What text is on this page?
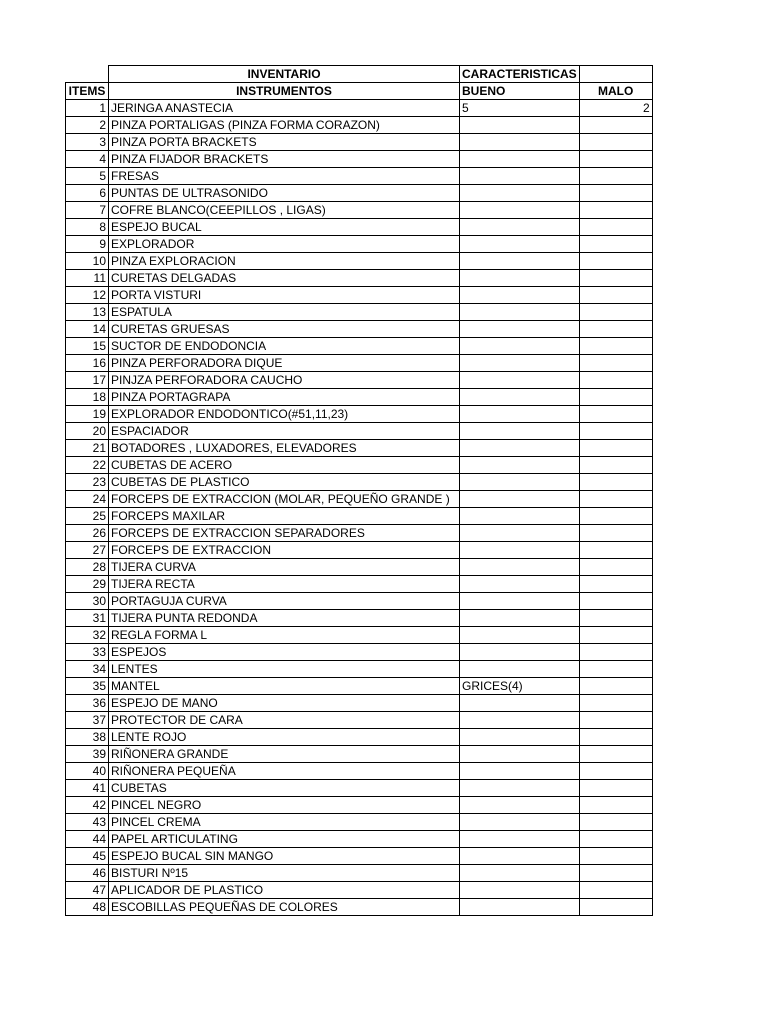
	INVENTARIO	CARACTERISTICAS	
ITEMS	INSTRUMENTOS	BUENO	MALO
1	JERINGA ANASTECIA	5	2
2	PINZA PORTALIGAS (PINZA FORMA CORAZON)		
3	PINZA PORTA BRACKETS		
4	PINZA FIJADOR BRACKETS		
5	FRESAS		
6	PUNTAS DE ULTRASONIDO		
7	COFRE BLANCO(CEEPILLOS , LIGAS)		
8	ESPEJO BUCAL		
9	EXPLORADOR		
10	PINZA EXPLORACION		
11	CURETAS DELGADAS		
12	PORTA VISTURI		
13	ESPATULA		
14	CURETAS GRUESAS		
15	SUCTOR DE ENDODONCIA		
16	PINZA PERFORADORA DIQUE		
17	PINJZA PERFORADORA CAUCHO		
18	PINZA PORTAGRAPA		
19	EXPLORADOR ENDODONTICO(#51,11,23)		
20	ESPACIADOR		
21	BOTADORES , LUXADORES, ELEVADORES		
22	CUBETAS DE ACERO		
23	CUBETAS DE PLASTICO		
24	FORCEPS DE EXTRACCION (MOLAR, PEQUEÑO GRANDE )		
25	FORCEPS MAXILAR		
26	FORCEPS DE EXTRACCION SEPARADORES		
27	FORCEPS DE EXTRACCION		
28	TIJERA CURVA		
29	TIJERA RECTA		
30	PORTAGUJA CURVA		
31	TIJERA PUNTA REDONDA		
32	REGLA FORMA L		
33	ESPEJOS		
34	LENTES		
35	MANTEL	GRICES(4)	
36	ESPEJO DE MANO		
37	PROTECTOR DE CARA		
38	LENTE ROJO		
39	RIÑONERA GRANDE		
40	RIÑONERA PEQUEÑA		
41	CUBETAS		
42	PINCEL NEGRO		
43	PINCEL CREMA		
44	PAPEL ARTICULATING		
45	ESPEJO BUCAL SIN MANGO		
46	BISTURI Nº15		
47	APLICADOR DE PLASTICO		
48	ESCOBILLAS PEQUEÑAS DE COLORES		
